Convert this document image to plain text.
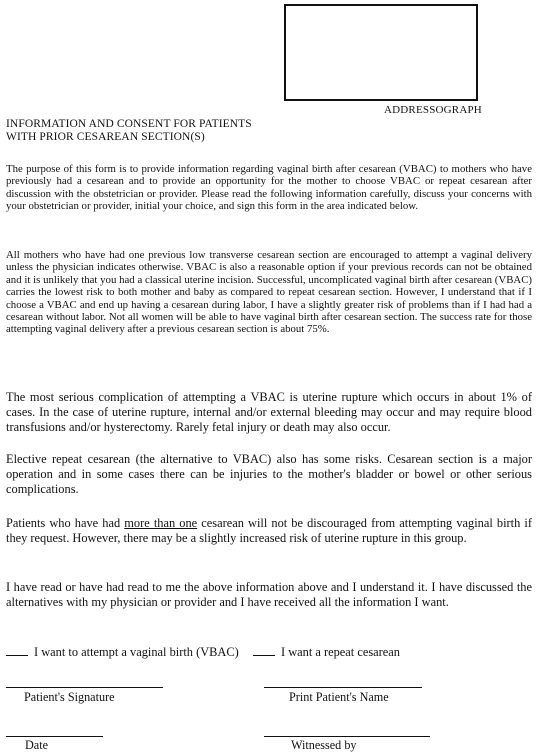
ADDRESSOGRAPH
INFORMATION AND CONSENT FOR PATIENTS
WITH PRIOR CESAREAN SECTION(S)

The purpose of this form is to provide information regarding vaginal birth after cesarean (VBAC) to mothers who have previously had a cesarean and to provide an opportunity for the mother to choose VBAC or repeat cesarean after discussion with the obstetrician or provider. Please read the following information carefully, discuss your concerns with your obstetrician or provider, initial your choice, and sign this form in the area indicated below.

All mothers who have had one previous low transverse cesarean section are encouraged to attempt a vaginal delivery unless the physician indicates otherwise. VBAC is also a reasonable option if your previous records can not be obtained and it is unlikely that you had a classical uterine incision. Successful, uncomplicated vaginal birth after cesarean (VBAC) carries the lowest risk to both mother and baby as compared to repeat cesarean section. However, I understand that if I choose a VBAC and end up having a cesarean during labor, I have a slightly greater risk of problems than if I had had a cesarean without labor. Not all women will be able to have vaginal birth after cesarean section. The success rate for those attempting vaginal delivery after a previous cesarean section is about 75%.

The most serious complication of attempting a VBAC is uterine rupture which occurs in about 1% of cases. In the case of uterine rupture, internal and/or external bleeding may occur and may require blood transfusions and/or hysterectomy. Rarely fetal injury or death may also occur.

Elective repeat cesarean (the alternative to VBAC) also has some risks. Cesarean section is a major operation and in some cases there can be injuries to the mother's bladder or bowel or other serious complications.

Patients who have had more than one cesarean will not be discouraged from attempting vaginal birth if they request. However, there may be a slightly increased risk of uterine rupture in this group.

I have read or have had read to me the above information above and I understand it. I have discussed the alternatives with my physician or provider and I have received all the information I want.

I want to attempt a vaginal birth (VBAC)	I want a repeat cesarean
Patient's Signature	Print Patient's Name
Date	Witnessed by
